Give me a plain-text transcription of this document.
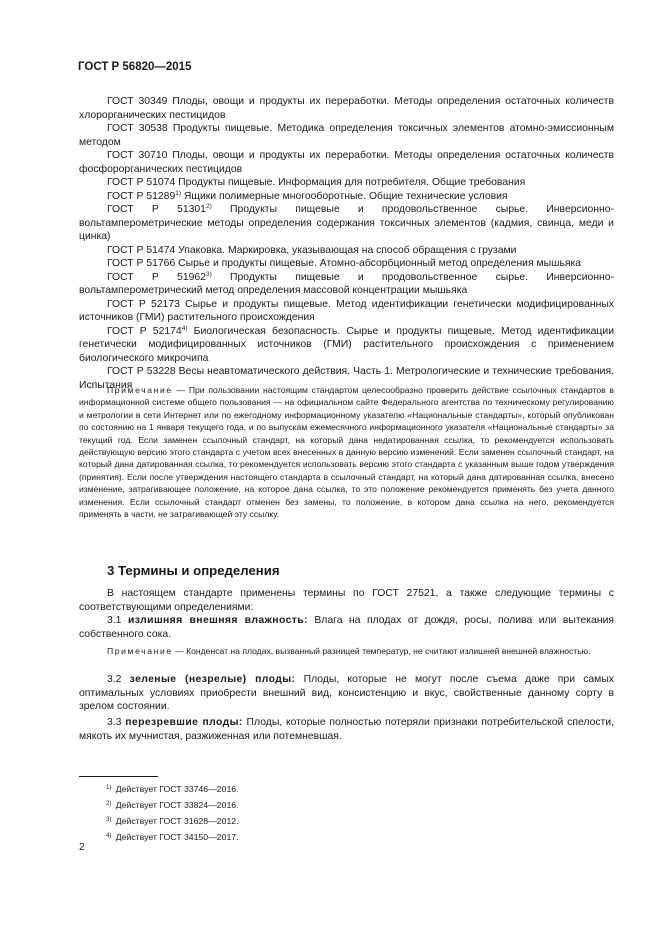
ГОСТ Р 56820—2015
ГОСТ 30349 Плоды, овощи и продукты их переработки. Методы определения остаточных количеств хлорорганических пестицидов
ГОСТ 30538 Продукты пищевые. Методика определения токсичных элементов атомно-эмиссионным методом
ГОСТ 30710 Плоды, овощи и продукты их переработки. Методы определения остаточных количеств фосфорорганических пестицидов
ГОСТ Р 51074 Продукты пищевые. Информация для потребителя. Общие требования
ГОСТ Р 51289$^{1)}$ Ящики полимерные многооборотные. Общие технические условия
ГОСТ Р 51301$^{2)}$ Продукты пищевые и продовольственное сырье. Инверсионно-вольтамперометрические методы определения содержания токсичных элементов (кадмия, свинца, меди и цинка)
ГОСТ Р 51474 Упаковка. Маркировка, указывающая на способ обращения с грузами
ГОСТ Р 51766 Сырье и продукты пищевые. Атомно-абсорбционный метод определения мышьяка
ГОСТ Р 51962$^{3)}$ Продукты пищевые и продовольственное сырье. Инверсионно-вольтамперометрический метод определения массовой концентрации мышьяка
ГОСТ Р 52173 Сырье и продукты пищевые. Метод идентификации генетически модифицированных источников (ГМИ) растительного происхождения
ГОСТ Р 52174$^{4)}$ Биологическая безопасность. Сырье и продукты пищевые. Метод идентификации генетически модифицированных источников (ГМИ) растительного происхождения с применением биологического микрочипа
ГОСТ Р 53228 Весы неавтоматического действия. Часть 1. Метрологические и технические требования. Испытания
Примечание — При пользовании настоящим стандартом целесообразно проверить действие ссылочных стандартов в информационной системе общего пользования — на официальном сайте Федерального агентства по техническому регулированию и метрологии в сети Интернет или по ежегодному информационному указателю «Национальные стандарты», который опубликован по состоянию на 1 января текущего года, и по выпускам ежемесячного информационного указателя «Национальные стандарты» за текущий год. Если заменен ссылочный стандарт, на который дана недатированная ссылка, то рекомендуется использовать действующую версию этого стандарта с учетом всех внесенных в данную версию изменений. Если заменен ссылочный стандарт, на который дана датированная ссылка, то рекомендуется использовать версию этого стандарта с указанным выше годом утверждения (принятия). Если после утверждения настоящего стандарта в ссылочный стандарт, на который дана датированная ссылка, внесено изменение, затрагивающее положение, на которое дана ссылка, то это положение рекомендуется применять без учета данного изменения. Если ссылочный стандарт отменен без замены, то положение, в котором дана ссылка на него, рекомендуется применять в части, не затрагивающей эту ссылку.
3 Термины и определения
В настоящем стандарте применены термины по ГОСТ 27521, а также следующие термины с соответствующими определениями:
3.1 излишняя внешняя влажность: Влага на плодах от дождя, росы, полива или вытекания собственного сока.
Примечание — Конденсат на плодах, вызванный разницей температур, не считают излишней внешней влажностью.
3.2 зеленые (незрелые) плоды: Плоды, которые не могут после съема даже при самых оптимальных условиях приобрести внешний вид, консистенцию и вкус, свойственные данному сорту в зрелом состоянии.
3.3 перезревшие плоды: Плоды, которые полностью потеряли признаки потребительской спелости, мякоть их мучнистая, разжиженная или потемневшая.
$^{1)}$ Действует ГОСТ 33746—2016.
$^{2)}$ Действует ГОСТ 33824—2016.
$^{3)}$ Действует ГОСТ 31628—2012.
$^{4)}$ Действует ГОСТ 34150—2017.
2
